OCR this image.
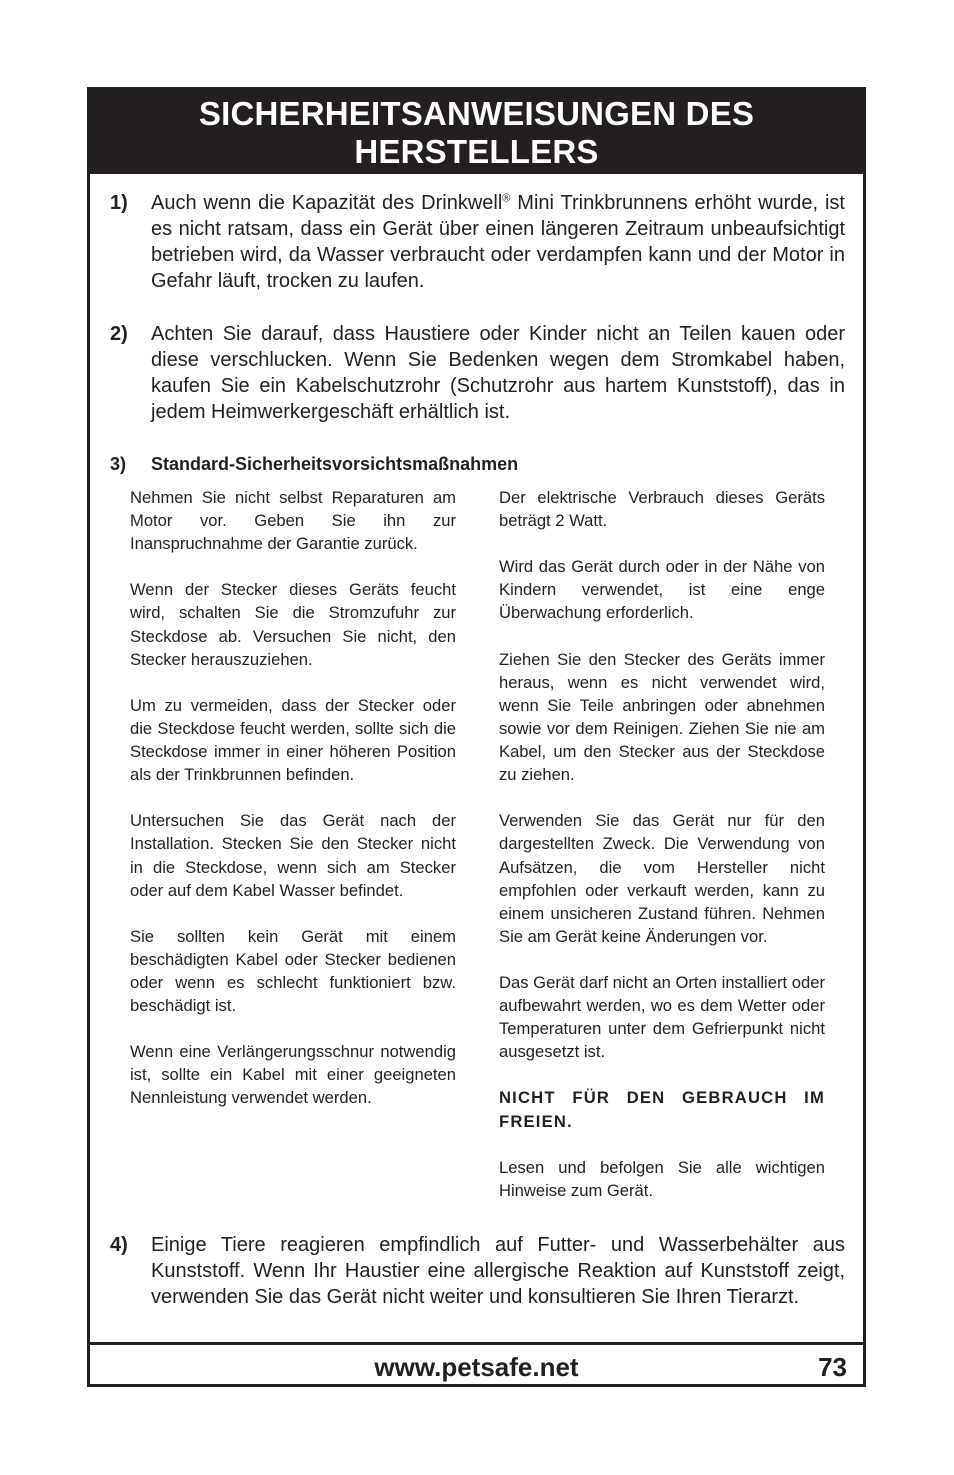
SICHERHEITSANWEISUNGEN DES
HERSTELLERS
1) Auch wenn die Kapazität des Drinkwell® Mini Trinkbrunnens erhöht wurde, ist es nicht ratsam, dass ein Gerät über einen längeren Zeitraum unbeaufsichtigt betrieben wird, da Wasser verbraucht oder verdampfen kann und der Motor in Gefahr läuft, trocken zu laufen.
2) Achten Sie darauf, dass Haustiere oder Kinder nicht an Teilen kauen oder diese verschlucken. Wenn Sie Bedenken wegen dem Stromkabel haben, kaufen Sie ein Kabelschutzrohr (Schutzrohr aus hartem Kunststoff), das in jedem Heimwerkergeschäft erhältlich ist.
3) Standard-Sicherheitsvorsichtsmaßnahmen

Nehmen Sie nicht selbst Reparaturen am Motor vor. Geben Sie ihn zur Inanspruchnahme der Garantie zurück.

Wenn der Stecker dieses Geräts feucht wird, schalten Sie die Stromzufuhr zur Steckdose ab. Versuchen Sie nicht, den Stecker herauszuziehen.

Um zu vermeiden, dass der Stecker oder die Steckdose feucht werden, sollte sich die Steckdose immer in einer höheren Position als der Trinkbrunnen befinden.

Untersuchen Sie das Gerät nach der Installation. Stecken Sie den Stecker nicht in die Steckdose, wenn sich am Stecker oder auf dem Kabel Wasser befindet.

Sie sollten kein Gerät mit einem beschädigten Kabel oder Stecker bedienen oder wenn es schlecht funktioniert bzw. beschädigt ist.

Wenn eine Verlängerungsschnur notwendig ist, sollte ein Kabel mit einer geeigneten Nennleistung verwendet werden.

Der elektrische Verbrauch dieses Geräts beträgt 2 Watt.

Wird das Gerät durch oder in der Nähe von Kindern verwendet, ist eine enge Überwachung erforderlich.

Ziehen Sie den Stecker des Geräts immer heraus, wenn es nicht verwendet wird, wenn Sie Teile anbringen oder abnehmen sowie vor dem Reinigen. Ziehen Sie nie am Kabel, um den Stecker aus der Steckdose zu ziehen.

Verwenden Sie das Gerät nur für den dargestellten Zweck. Die Verwendung von Aufsätzen, die vom Hersteller nicht empfohlen oder verkauft werden, kann zu einem unsicheren Zustand führen. Nehmen Sie am Gerät keine Änderungen vor.

Das Gerät darf nicht an Orten installiert oder aufbewahrt werden, wo es dem Wetter oder Temperaturen unter dem Gefrierpunkt nicht ausgesetzt ist.

NICHT FÜR DEN GEBRAUCH IM FREIEN.

Lesen und befolgen Sie alle wichtigen Hinweise zum Gerät.

4) Einige Tiere reagieren empfindlich auf Futter- und Wasserbehälter aus Kunststoff. Wenn Ihr Haustier eine allergische Reaktion auf Kunststoff zeigt, verwenden Sie das Gerät nicht weiter und konsultieren Sie Ihren Tierarzt.
www.petsafe.net	73
